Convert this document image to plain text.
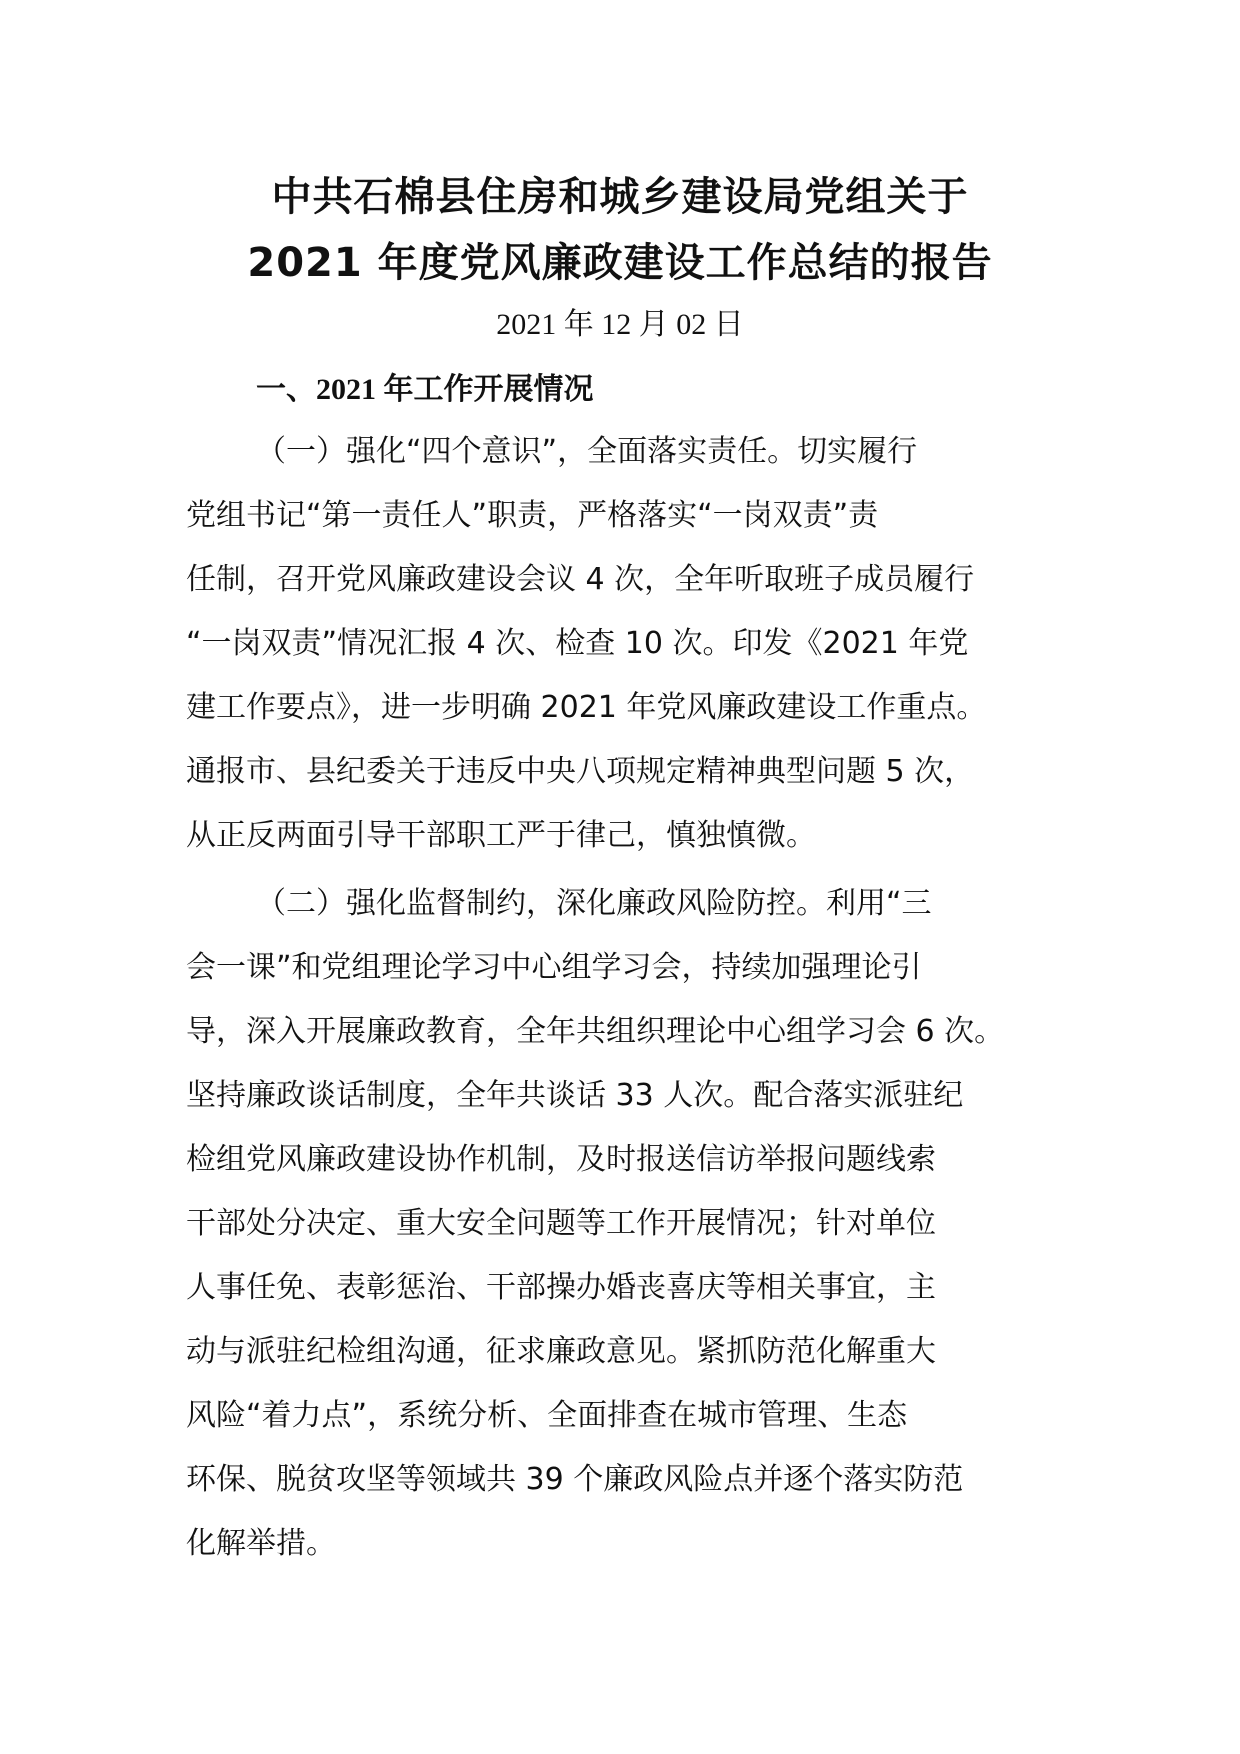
中共石棉县住房和城乡建设局党组关于
2021 年度党风廉政建设工作总结的报告
2021 年 12 月 02 日
一、2021 年工作开展情况

（一）强化“四个意识”，全面落实责任。切实履行

党组书记“第一责任人”职责，严格落实“一岗双责”责

任制，召开党风廉政建设会议 4 次，全年听取班子成员履行

“一岗双责”情况汇报 4 次、检查 10 次。印发《2021 年党

建工作要点》，进一步明确 2021 年党风廉政建设工作重点。

通报市、县纪委关于违反中央八项规定精神典型问题 5 次，

从正反两面引导干部职工严于律己，慎独慎微。

（二）强化监督制约，深化廉政风险防控。利用“三

会一课”和党组理论学习中心组学习会，持续加强理论引

导，深入开展廉政教育，全年共组织理论中心组学习会 6 次。

坚持廉政谈话制度，全年共谈话 33 人次。配合落实派驻纪

检组党风廉政建设协作机制，及时报送信访举报问题线索

干部处分决定、重大安全问题等工作开展情况；针对单位

人事任免、表彰惩治、干部操办婚丧喜庆等相关事宜，主

动与派驻纪检组沟通，征求廉政意见。紧抓防范化解重大

风险“着力点”，系统分析、全面排查在城市管理、生态

环保、脱贫攻坚等领域共 39 个廉政风险点并逐个落实防范

化解举措。
